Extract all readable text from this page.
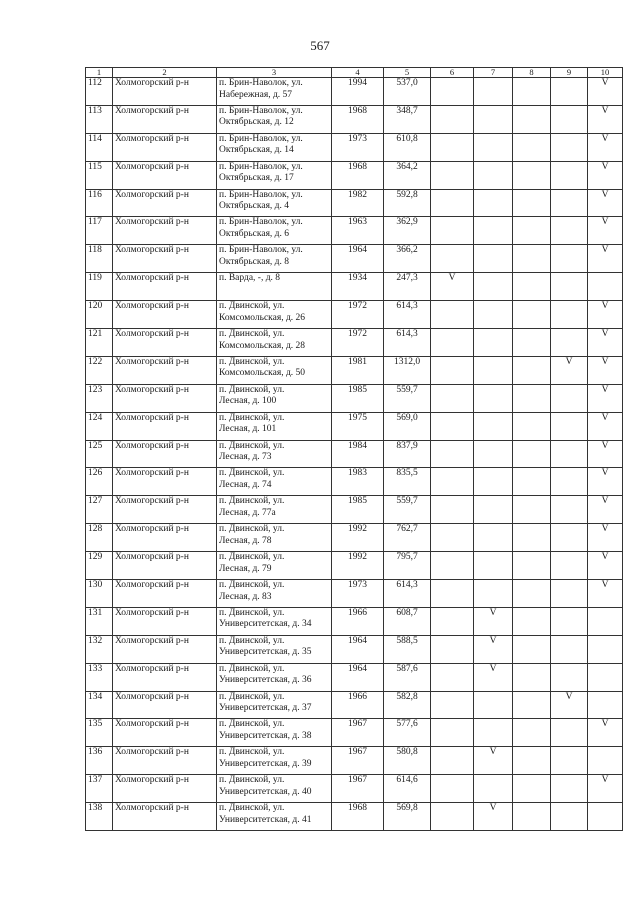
567
1	2	3	4	5	6	7	8	9	10
112	Холмогорский р-н	п. Брин-Наволок, ул.
Набережная, д. 57	1994	537,0					V
113	Холмогорский р-н	п. Брин-Наволок, ул.
Октябрьская, д. 12	1968	348,7					V
114	Холмогорский р-н	п. Брин-Наволок, ул.
Октябрьская, д. 14	1973	610,8					V
115	Холмогорский р-н	п. Брин-Наволок, ул.
Октябрьская, д. 17	1968	364,2					V
116	Холмогорский р-н	п. Брин-Наволок, ул.
Октябрьская, д. 4	1982	592,8					V
117	Холмогорский р-н	п. Брин-Наволок, ул.
Октябрьская, д. 6	1963	362,9					V
118	Холмогорский р-н	п. Брин-Наволок, ул.
Октябрьская, д. 8	1964	366,2					V
119	Холмогорский р-н	п. Варда, -, д. 8	1934	247,3	V				
120	Холмогорский р-н	п. Двинской, ул.
Комсомольская, д. 26	1972	614,3					V
121	Холмогорский р-н	п. Двинской, ул.
Комсомольская, д. 28	1972	614,3					V
122	Холмогорский р-н	п. Двинской, ул.
Комсомольская, д. 50	1981	1312,0				V	V
123	Холмогорский р-н	п. Двинской, ул.
Лесная, д. 100	1985	559,7					V
124	Холмогорский р-н	п. Двинской, ул.
Лесная, д. 101	1975	569,0					V
125	Холмогорский р-н	п. Двинской, ул.
Лесная, д. 73	1984	837,9					V
126	Холмогорский р-н	п. Двинской, ул.
Лесная, д. 74	1983	835,5					V
127	Холмогорский р-н	п. Двинской, ул.
Лесная, д. 77а	1985	559,7					V
128	Холмогорский р-н	п. Двинской, ул.
Лесная, д. 78	1992	762,7					V
129	Холмогорский р-н	п. Двинской, ул.
Лесная, д. 79	1992	795,7					V
130	Холмогорский р-н	п. Двинской, ул.
Лесная, д. 83	1973	614,3					V
131	Холмогорский р-н	п. Двинской, ул.
Университетская, д. 34	1966	608,7		V			
132	Холмогорский р-н	п. Двинской, ул.
Университетская, д. 35	1964	588,5		V			
133	Холмогорский р-н	п. Двинской, ул.
Университетская, д. 36	1964	587,6		V			
134	Холмогорский р-н	п. Двинской, ул.
Университетская, д. 37	1966	582,8				V	
135	Холмогорский р-н	п. Двинской, ул.
Университетская, д. 38	1967	577,6					V
136	Холмогорский р-н	п. Двинской, ул.
Университетская, д. 39	1967	580,8		V			
137	Холмогорский р-н	п. Двинской, ул.
Университетская, д. 40	1967	614,6					V
138	Холмогорский р-н	п. Двинской, ул.
Университетская, д. 41	1968	569,8		V			
